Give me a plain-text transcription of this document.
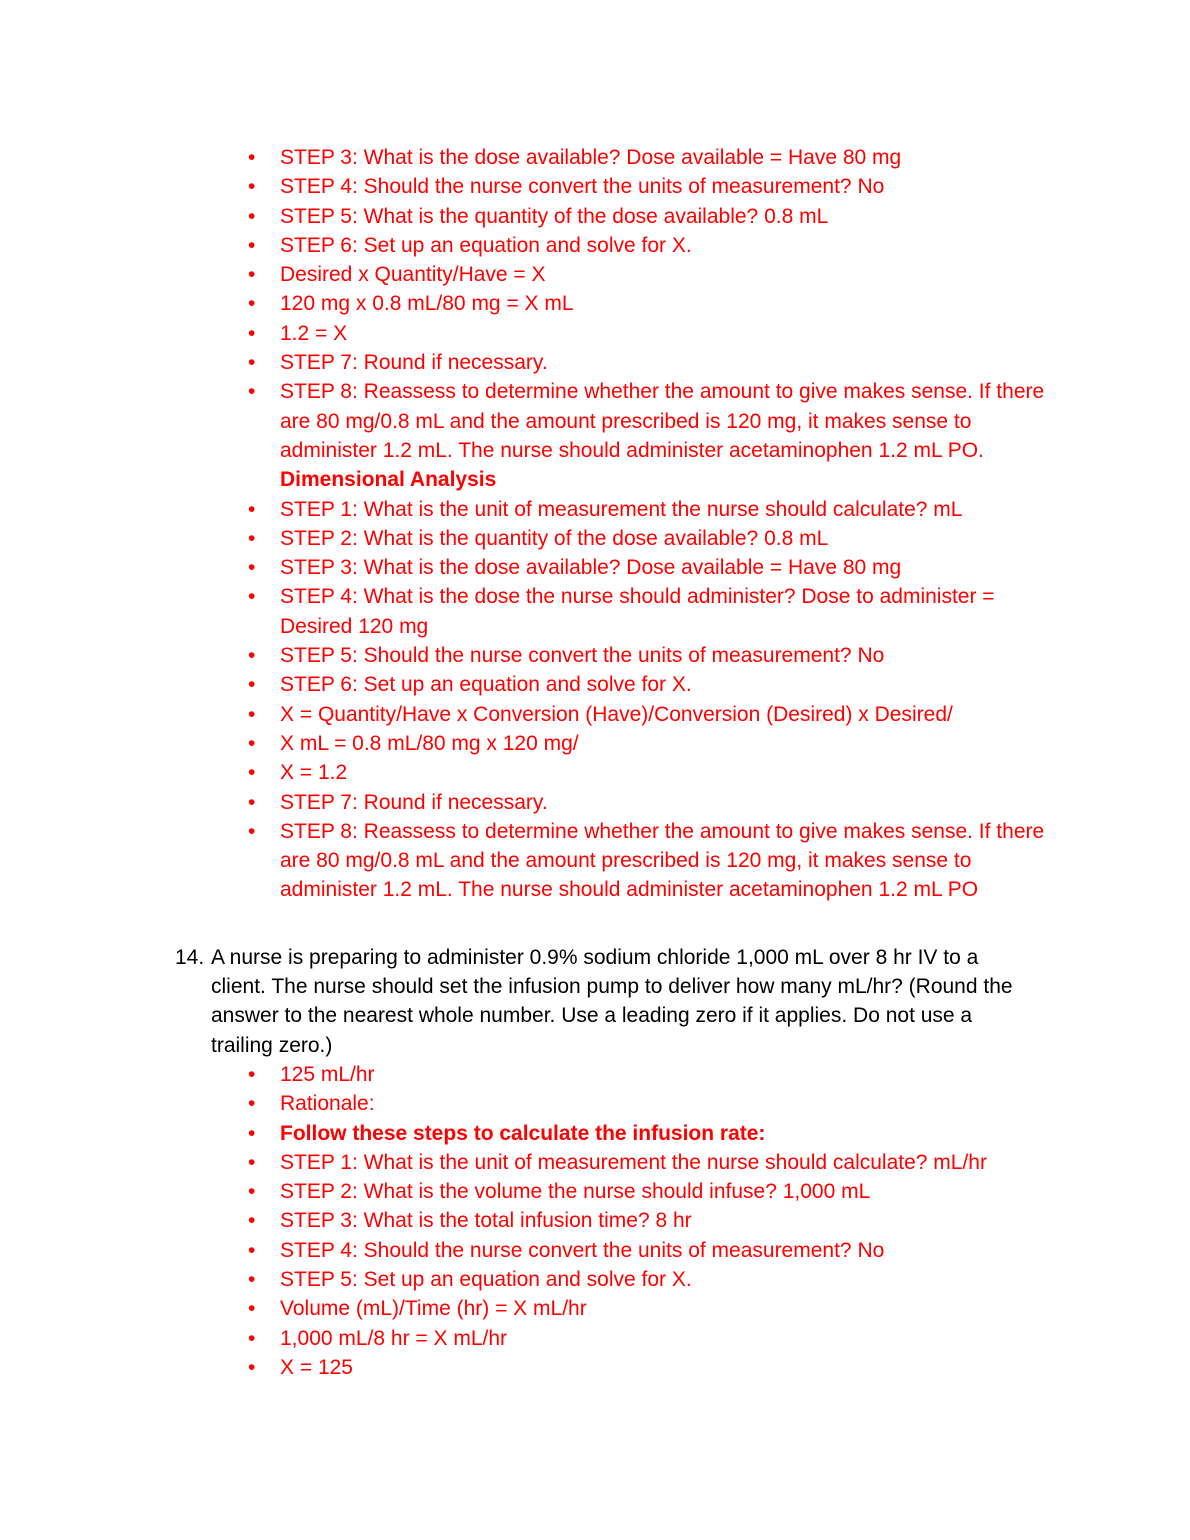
• STEP 3: What is the dose available? Dose available = Have 80 mg
• STEP 4: Should the nurse convert the units of measurement? No
• STEP 5: What is the quantity of the dose available? 0.8 mL
• STEP 6: Set up an equation and solve for X.
• Desired x Quantity/Have = X
• 120 mg x 0.8 mL/80 mg = X mL
• 1.2 = X
• STEP 7: Round if necessary.
• STEP 8: Reassess to determine whether the amount to give makes sense. If there are 80 mg/0.8 mL and the amount prescribed is 120 mg, it makes sense to administer 1.2 mL. The nurse should administer acetaminophen 1.2 mL PO. Dimensional Analysis
• STEP 1: What is the unit of measurement the nurse should calculate? mL
• STEP 2: What is the quantity of the dose available? 0.8 mL
• STEP 3: What is the dose available? Dose available = Have 80 mg
• STEP 4: What is the dose the nurse should administer? Dose to administer = Desired 120 mg
• STEP 5: Should the nurse convert the units of measurement? No
• STEP 6: Set up an equation and solve for X.
• X = Quantity/Have x Conversion (Have)/Conversion (Desired) x Desired/
• X mL = 0.8 mL/80 mg x 120 mg/
• X = 1.2
• STEP 7: Round if necessary.
• STEP 8: Reassess to determine whether the amount to give makes sense. If there are 80 mg/0.8 mL and the amount prescribed is 120 mg, it makes sense to administer 1.2 mL. The nurse should administer acetaminophen 1.2 mL PO
14. A nurse is preparing to administer 0.9% sodium chloride 1,000 mL over 8 hr IV to a client. The nurse should set the infusion pump to deliver how many mL/hr? (Round the answer to the nearest whole number. Use a leading zero if it applies. Do not use a trailing zero.)
• 125 mL/hr
• Rationale:
• Follow these steps to calculate the infusion rate:
• STEP 1: What is the unit of measurement the nurse should calculate? mL/hr
• STEP 2: What is the volume the nurse should infuse? 1,000 mL
• STEP 3: What is the total infusion time? 8 hr
• STEP 4: Should the nurse convert the units of measurement? No
• STEP 5: Set up an equation and solve for X.
• Volume (mL)/Time (hr) = X mL/hr
• 1,000 mL/8 hr = X mL/hr
• X = 125
